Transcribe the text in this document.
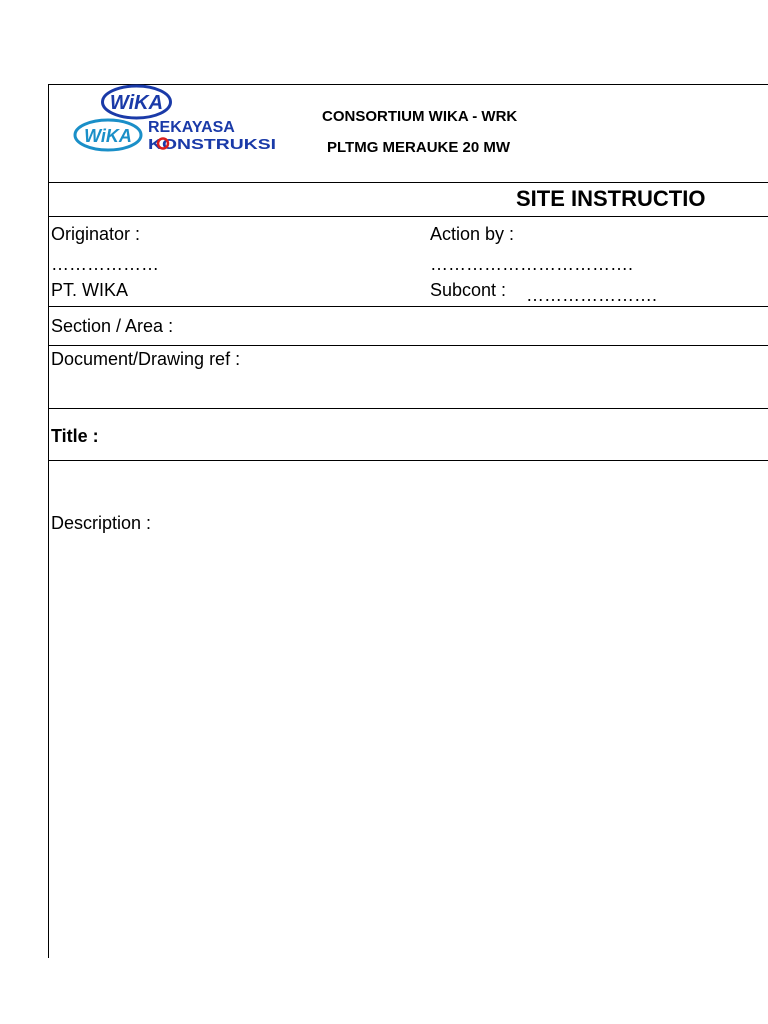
WiKA
WiKA REKAYASA
KONSTRUKSI
CONSORTIUM WIKA - WRK
PLTMG MERAUKE 20 MW
SITE INSTRUCTIO
Originator :
………………
PT. WIKA
Action by :
…………………………….
Subcont : ………………….
Section / Area :
Document/Drawing ref :
Title :
Description :
